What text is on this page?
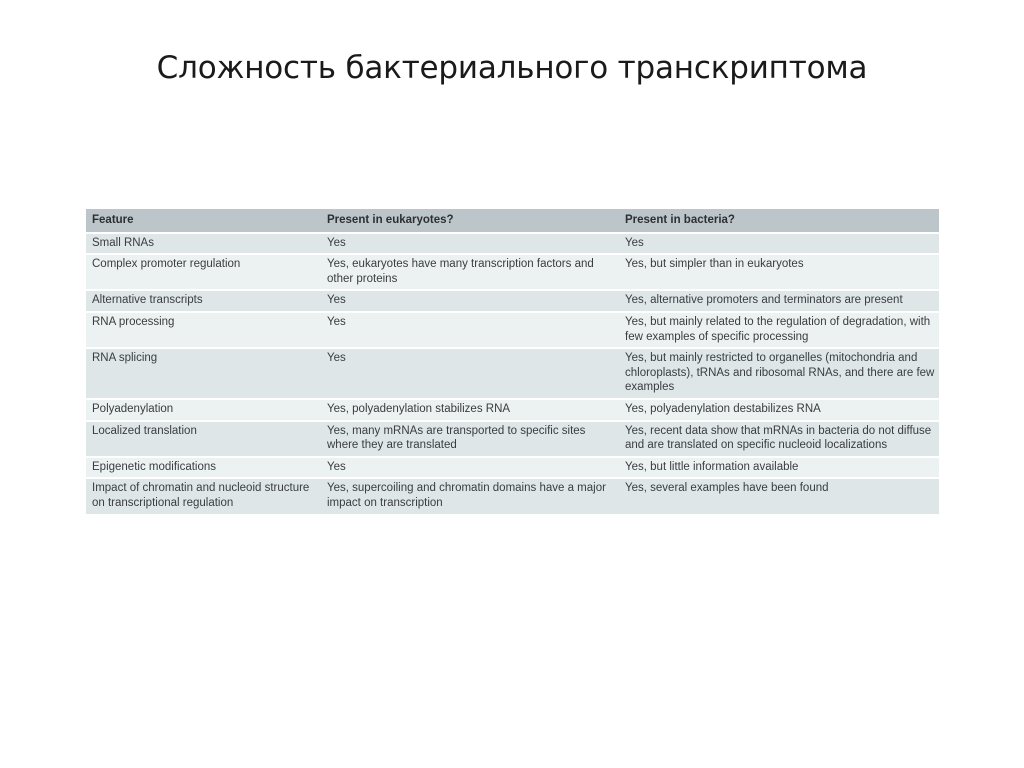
Сложность бактериального транскриптома
Feature	Present in eukaryotes?	Present in bacteria?
Small RNAs	Yes	Yes
Complex promoter regulation	Yes, eukaryotes have many transcription factors and other proteins	Yes, but simpler than in eukaryotes
Alternative transcripts	Yes	Yes, alternative promoters and terminators are present
RNA processing	Yes	Yes, but mainly related to the regulation of degradation, with few examples of specific processing
RNA splicing	Yes	Yes, but mainly restricted to organelles (mitochondria and chloroplasts), tRNAs and ribosomal RNAs, and there are few examples
Polyadenylation	Yes, polyadenylation stabilizes RNA	Yes, polyadenylation destabilizes RNA
Localized translation	Yes, many mRNAs are transported to specific sites where they are translated	Yes, recent data show that mRNAs in bacteria do not diffuse and are translated on specific nucleoid localizations
Epigenetic modifications	Yes	Yes, but little information available
Impact of chromatin and nucleoid structure on transcriptional regulation	Yes, supercoiling and chromatin domains have a major impact on transcription	Yes, several examples have been found
